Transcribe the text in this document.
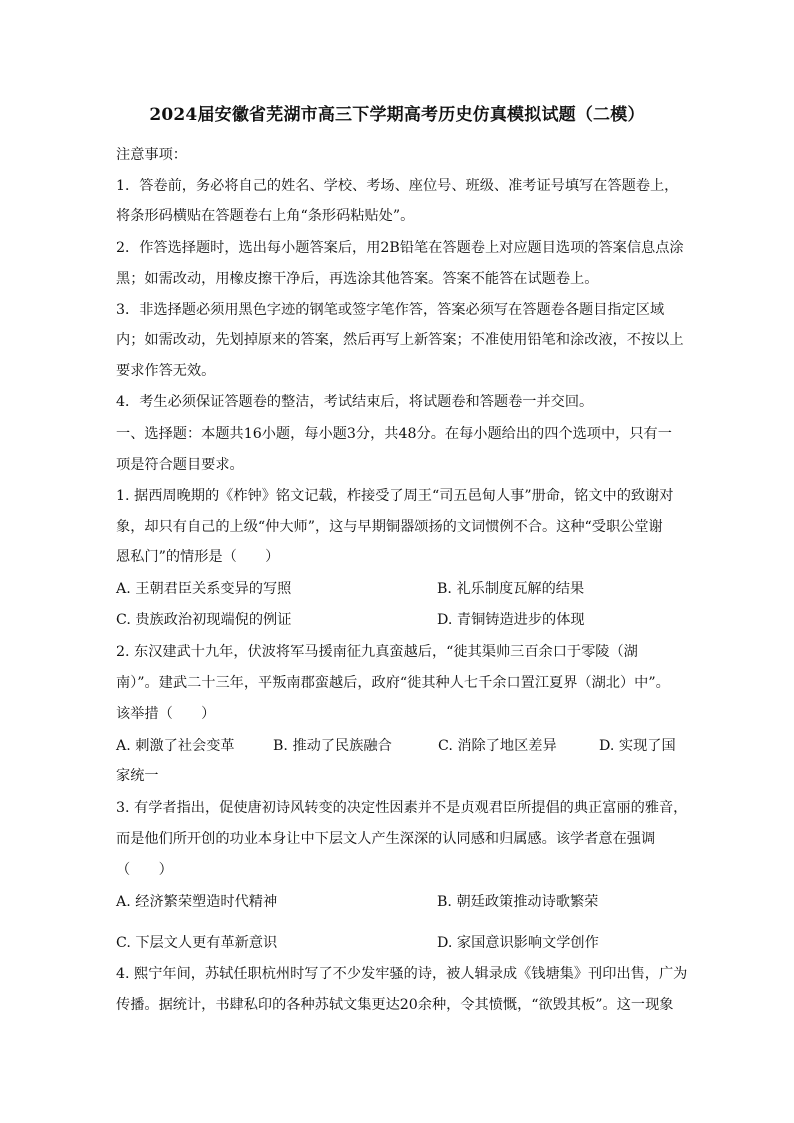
2024届安徽省芜湖市高三下学期高考历史仿真模拟试题（二模）
注意事项：
1．答卷前，务必将自己的姓名、学校、考场、座位号、班级、准考证号填写在答题卷上，
将条形码横贴在答题卷右上角“条形码粘贴处”。
2．作答选择题时，选出每小题答案后，用2B铅笔在答题卷上对应题目选项的答案信息点涂
黑；如需改动，用橡皮擦干净后，再选涂其他答案。答案不能答在试题卷上。
3．非选择题必须用黑色字迹的钢笔或签字笔作答，答案必须写在答题卷各题目指定区域
内；如需改动，先划掉原来的答案，然后再写上新答案；不准使用铅笔和涂改液，不按以上
要求作答无效。
4．考生必须保证答题卷的整洁，考试结束后，将试题卷和答题卷一并交回。
一、选择题：本题共16小题，每小题3分，共48分。在每小题给出的四个选项中，只有一
项是符合题目要求。
1. 据西周晚期的《柞钟》铭文记载，柞接受了周王“司五邑甸人事”册命，铭文中的致谢对
象，却只有自己的上级“仲大师”，这与早期铜器颂扬的文词惯例不合。这种“受职公堂谢
恩私门”的情形是（　　）
A. 王朝君臣关系变异的写照	B. 礼乐制度瓦解的结果
C. 贵族政治初现端倪的例证	D. 青铜铸造进步的体现
2. 东汉建武十九年，伏波将军马援南征九真蛮越后，“徙其渠帅三百余口于零陵（湖
南）”。建武二十三年，平叛南郡蛮越后，政府“徙其种人七千余口置江夏界（湖北）中”。
该举措（　　）
A. 刺激了社会变革	B. 推动了民族融合	C. 消除了地区差异	D. 实现了国
家统一
3. 有学者指出，促使唐初诗风转变的决定性因素并不是贞观君臣所提倡的典正富丽的雅音，
而是他们所开创的功业本身让中下层文人产生深深的认同感和归属感。该学者意在强调
（　　）
A. 经济繁荣塑造时代精神	B. 朝廷政策推动诗歌繁荣
C. 下层文人更有革新意识	D. 家国意识影响文学创作
4. 熙宁年间，苏轼任职杭州时写了不少发牢骚的诗，被人辑录成《钱塘集》刊印出售，广为
传播。据统计，书肆私印的各种苏轼文集更达20余种，令其愤慨，“欲毁其板”。这一现象
